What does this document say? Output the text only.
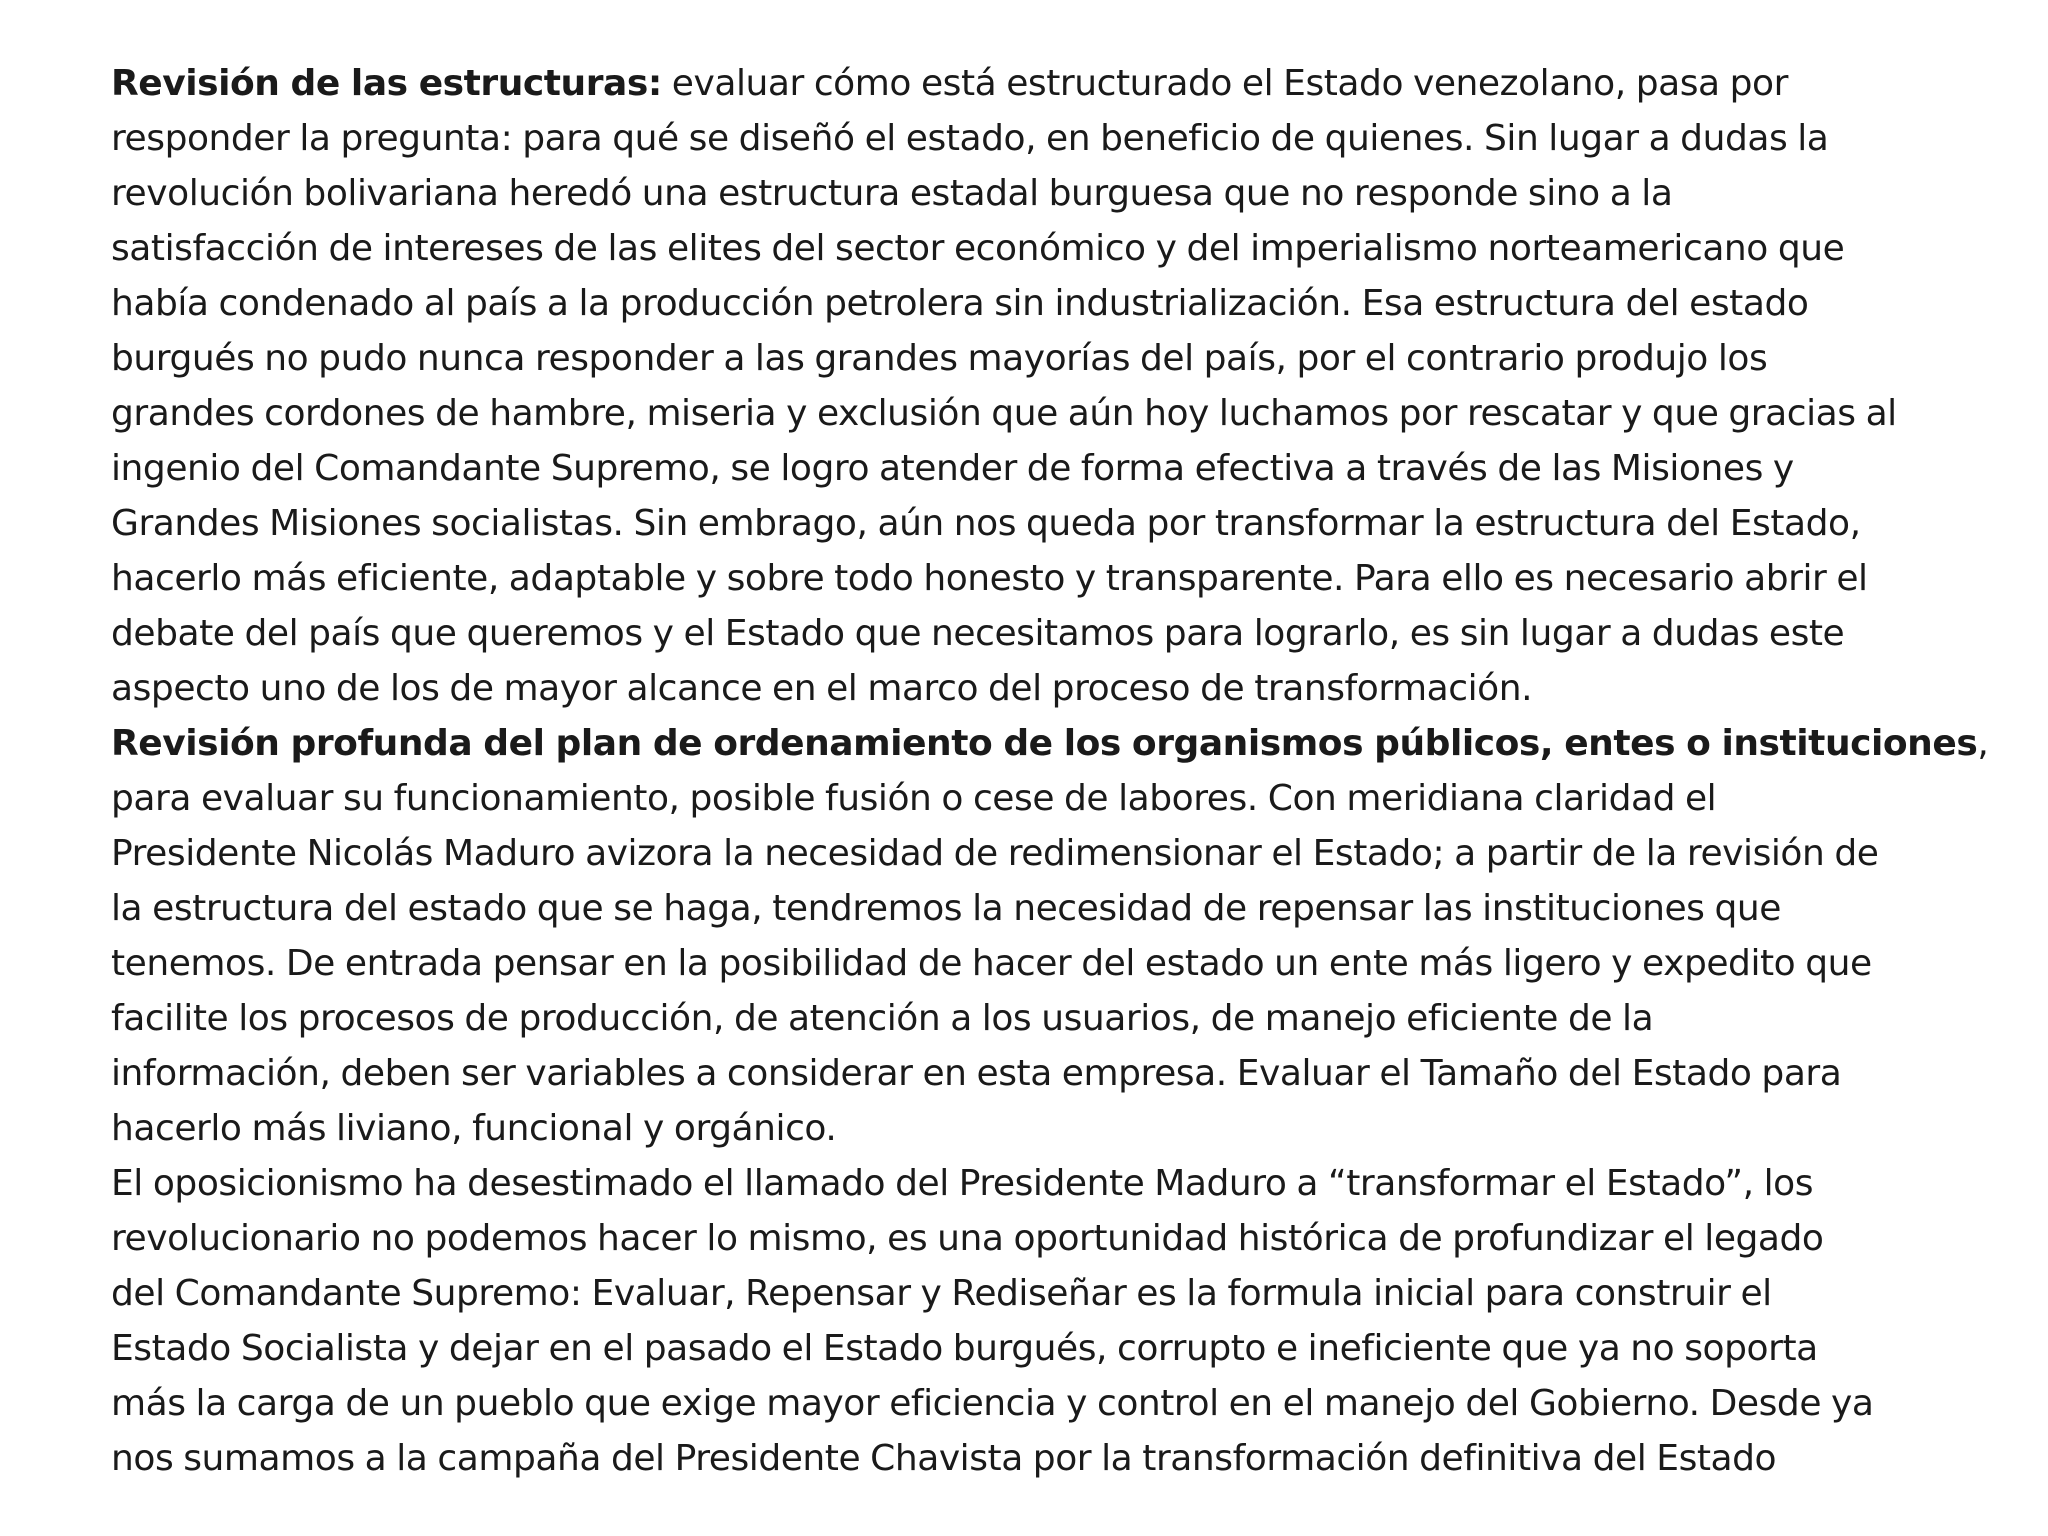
Revisión de las estructuras: evaluar cómo está estructurado el Estado venezolano, pasa por
responder la pregunta: para qué se diseñó el estado, en beneficio de quienes. Sin lugar a dudas la
revolución bolivariana heredó una estructura estadal burguesa que no responde sino a la
satisfacción de intereses de las elites del sector económico y del imperialismo norteamericano que
había condenado al país a la producción petrolera sin industrialización. Esa estructura del estado
burgués no pudo nunca responder a las grandes mayorías del país, por el contrario produjo los
grandes cordones de hambre, miseria y exclusión que aún hoy luchamos por rescatar y que gracias al
ingenio del Comandante Supremo, se logro atender de forma efectiva a través de las Misiones y
Grandes Misiones socialistas. Sin embrago, aún nos queda por transformar la estructura del Estado,
hacerlo más eficiente, adaptable y sobre todo honesto y transparente. Para ello es necesario abrir el
debate del país que queremos y el Estado que necesitamos para lograrlo, es sin lugar a dudas este
aspecto uno de los de mayor alcance en el marco del proceso de transformación.
Revisión profunda del plan de ordenamiento de los organismos públicos, entes o instituciones,
para evaluar su funcionamiento, posible fusión o cese de labores. Con meridiana claridad el
Presidente Nicolás Maduro avizora la necesidad de redimensionar el Estado; a partir de la revisión de
la estructura del estado que se haga, tendremos la necesidad de repensar las instituciones que
tenemos. De entrada pensar en la posibilidad de hacer del estado un ente más ligero y expedito que
facilite los procesos de producción, de atención a los usuarios, de manejo eficiente de la
información, deben ser variables a considerar en esta empresa. Evaluar el Tamaño del Estado para
hacerlo más liviano, funcional y orgánico.
El oposicionismo ha desestimado el llamado del Presidente Maduro a “transformar el Estado”, los
revolucionario no podemos hacer lo mismo, es una oportunidad histórica de profundizar el legado
del Comandante Supremo: Evaluar, Repensar y Rediseñar es la formula inicial para construir el
Estado Socialista y dejar en el pasado el Estado burgués, corrupto e ineficiente que ya no soporta
más la carga de un pueblo que exige mayor eficiencia y control en el manejo del Gobierno. Desde ya
nos sumamos a la campaña del Presidente Chavista por la transformación definitiva del Estado
